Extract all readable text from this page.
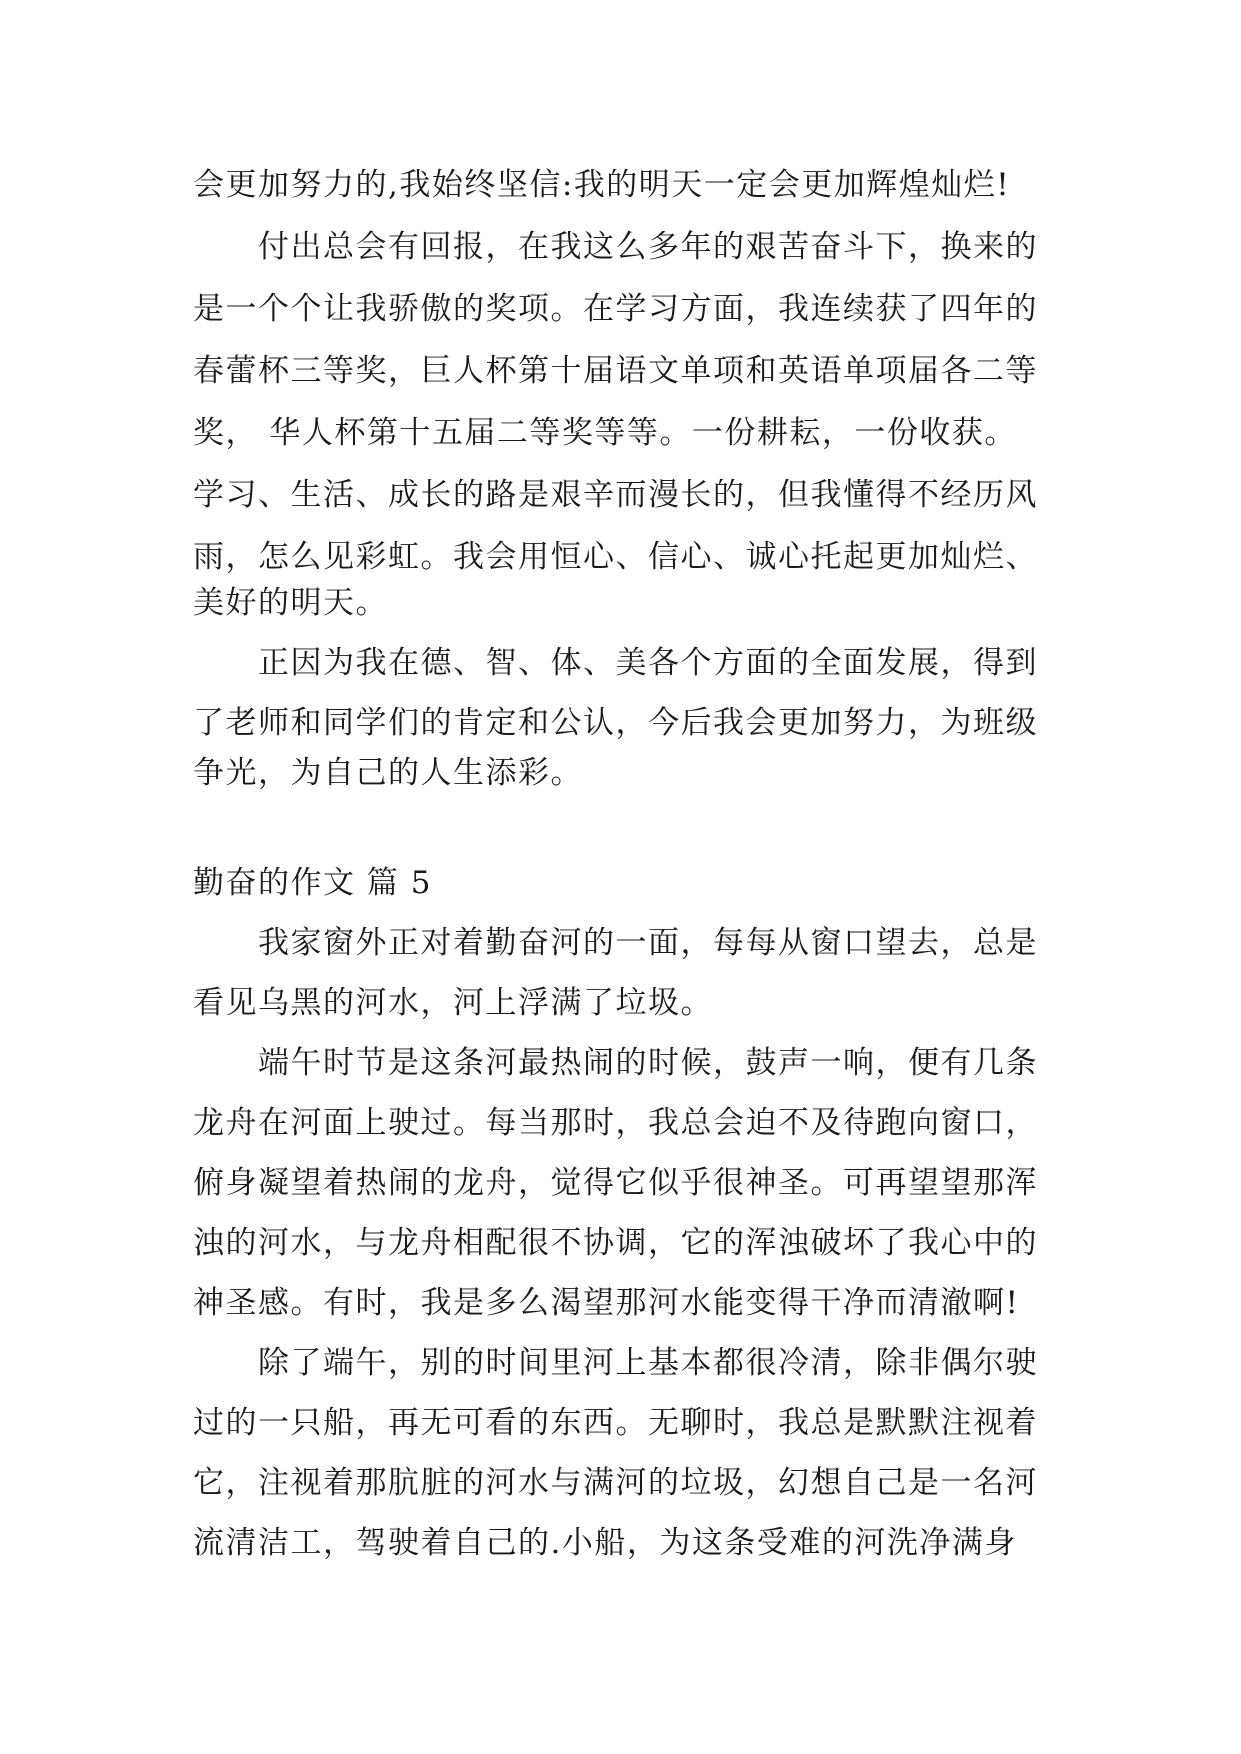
会更加努力的,我始终坚信:我的明天一定会更加辉煌灿烂!
付出总会有回报，在我这么多年的艰苦奋斗下，换来的
是一个个让我骄傲的奖项。在学习方面，我连续获了四年的
春蕾杯三等奖，巨人杯第十届语文单项和英语单项届各二等
奖， 华人杯第十五届二等奖等等。一份耕耘，一份收获。
学习、生活、成长的路是艰辛而漫长的，但我懂得不经历风
雨，怎么见彩虹。我会用恒心、信心、诚心托起更加灿烂、
美好的明天。
正因为我在德、智、体、美各个方面的全面发展，得到
了老师和同学们的肯定和公认，今后我会更加努力，为班级
争光，为自己的人生添彩。
勤奋的作文 篇 5
我家窗外正对着勤奋河的一面，每每从窗口望去，总是
看见乌黑的河水，河上浮满了垃圾。
端午时节是这条河最热闹的时候，鼓声一响，便有几条
龙舟在河面上驶过。每当那时，我总会迫不及待跑向窗口，
俯身凝望着热闹的龙舟，觉得它似乎很神圣。可再望望那浑
浊的河水，与龙舟相配很不协调，它的浑浊破坏了我心中的
神圣感。有时，我是多么渴望那河水能变得干净而清澈啊!
除了端午，别的时间里河上基本都很冷清，除非偶尔驶
过的一只船，再无可看的东西。无聊时，我总是默默注视着
它，注视着那肮脏的河水与满河的垃圾，幻想自己是一名河
流清洁工，驾驶着自己的.小船，为这条受难的河洗净满身
